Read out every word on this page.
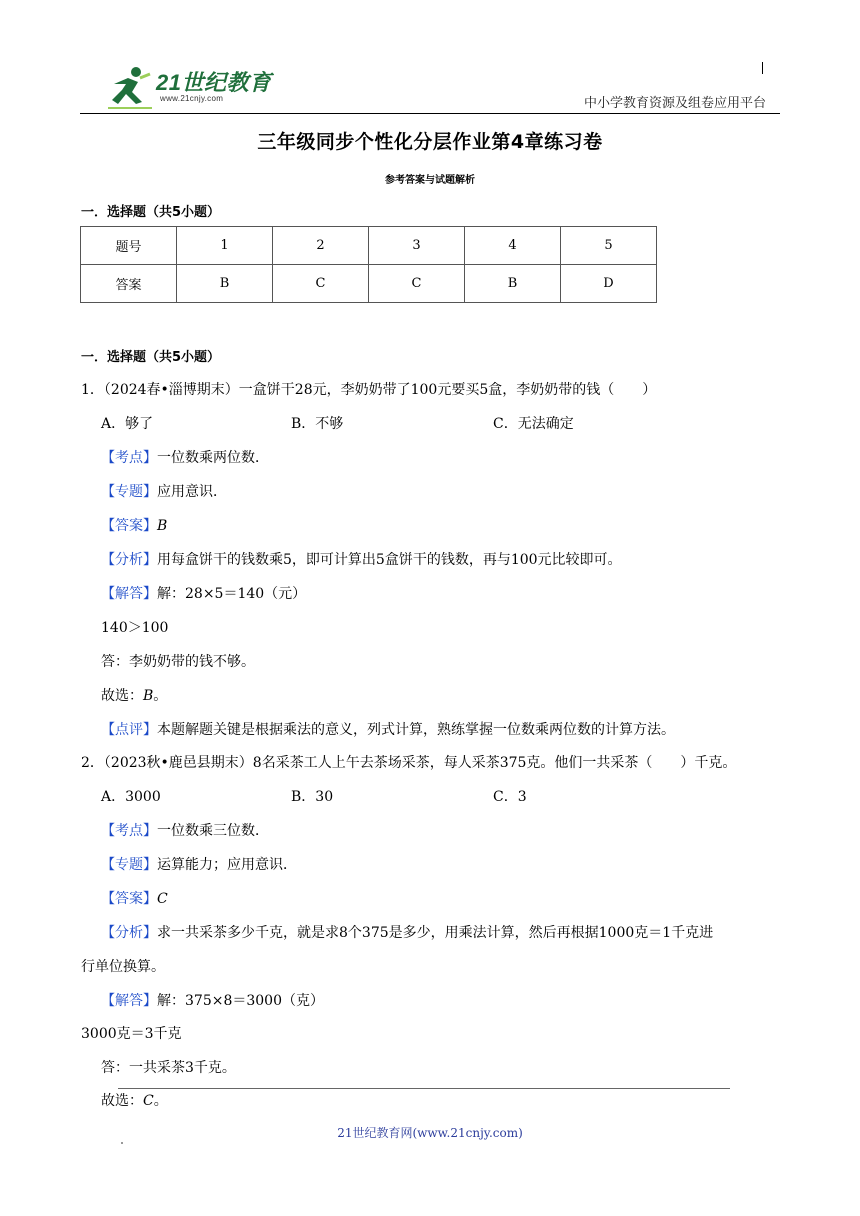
21世纪教育
www.21cnjy.com	中小学教育资源及组卷应用平台
三年级同步个性化分层作业第4章练习卷
参考答案与试题解析
一．选择题（共5小题）
题号	1	2	3	4	5
答案	B	C	C	B	D
一．选择题（共5小题）
1．（2024春•淄博期末）一盒饼干28元，李奶奶带了100元要买5盒，李奶奶带的钱（　　）
A．够了	B．不够	C．无法确定
【考点】一位数乘两位数．
【专题】应用意识．
【答案】B
【分析】用每盒饼干的钱数乘5，即可计算出5盒饼干的钱数，再与100元比较即可。
【解答】解：28×5＝140（元）
140＞100
答：李奶奶带的钱不够。
故选：B。
【点评】本题解题关键是根据乘法的意义，列式计算，熟练掌握一位数乘两位数的计算方法。
2．（2023秋•鹿邑县期末）8名采茶工人上午去茶场采茶，每人采茶375克。他们一共采茶（　　）千克。
A．3000	B．30	C．3
【考点】一位数乘三位数．
【专题】运算能力；应用意识．
【答案】C
【分析】求一共采茶多少千克，就是求8个375是多少，用乘法计算，然后再根据1000克＝1千克进
行单位换算。
【解答】解：375×8＝3000（克）
3000克＝3千克
答：一共采茶3千克。
故选：C。
21世纪教育网(www.21cnjy.com)
